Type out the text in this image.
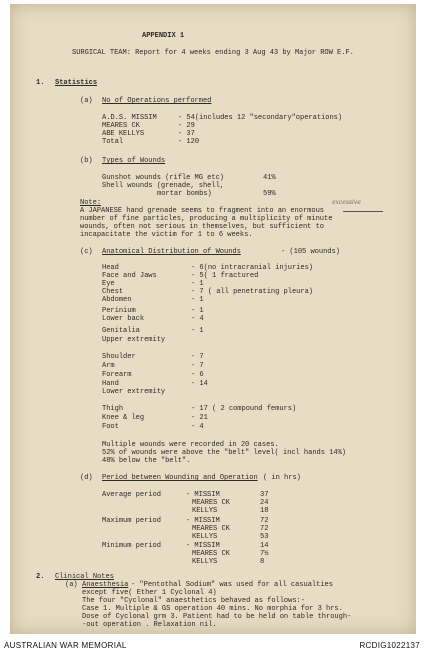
APPENDIX 1
SURGICAL TEAM: Report for 4 weeks ending 3 Aug 43 by Major ROW E.F.
1. Statistics
(a) No of Operations performed
A.D.S. MISSIM	- 54(includes 12 "secondary"operations)
MEARES CK	- 29
ABE KELLYS	- 37
Total	- 120
(b) Types of Wounds
Gunshot wounds (rifle MG etc)	41%
Shell wounds (grenade, shell,
mortar bombs)	59%
Note:
A JAPANESE hand grenade seems to fragment into an enormous
excessive
number of fine particles, producing a multiplicity of minute
wounds, often not serious in themselves, but sufficient to
incapacitate the victim for 1 to 6 weeks.
(c) Anatomical Distribution of Wounds	- (105 wounds)
Head	- 6(no intracranial injuries)
Face and Jaws	- 5( 1 fractured
Eye	- 1
Chest	- 7 ( all penetrating pleura)
Abdomen	- 1
Perinium	- 1
Lower back	- 4
Genitalia	- 1
Upper extremity
Shoulder	- 7
Arm	- 7
Forearm	- 6
Hand	- 14
Lower extremity
Thigh	- 17 ( 2 compound femurs)
Knee & leg	- 21
Foot	- 4
Multiple wounds were recorded in 20 cases.
52% of wounds were above the "belt" level( incl hands 14%)
48% below the "belt".
(d) Period between Wounding and Operation ( in hrs)
Average period	- MISSIM	37
MEARES CK	24
KELLYS	18
Maximum period	- MISSIM	72
MEARES CK	72
KELLYS	53
Minimum period	- MISSIM	14
MEARES CK	7½
KELLYS	8
2. Clinical Notes
(a) Anaesthesia - "Pentothal Sodium" was used for all casualties
except five( Ether 1 Cyclonal 4)
The four "Cyclonal" anaesthetics behaved as follows:-
Case 1. Multiple & GS operation 40 mins. No morphia for 3 hrs.
Dose of Cyclonal grm 3. Patient had to be held on table through-
-out operation . Relaxation nil.
AUSTRALIAN WAR MEMORIAL	RCDIG1022137
